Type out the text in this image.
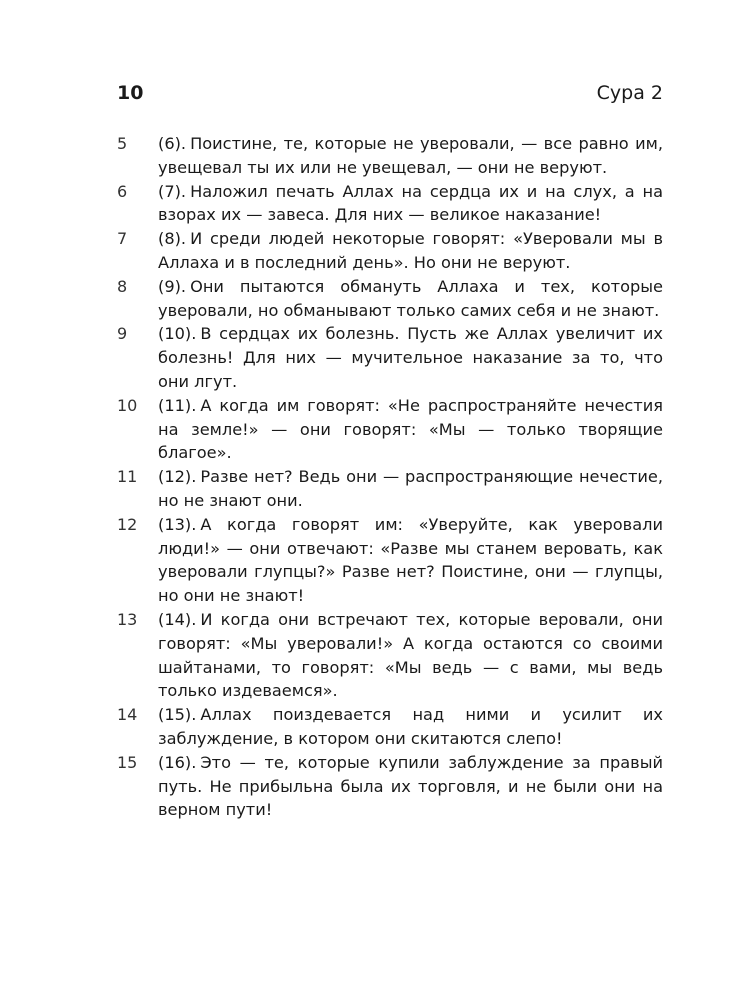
10	Сура 2
5	(6). Поистине, те, которые не уверовали, — все равно им, увещевал ты их или не увещевал, — они не веруют.
6	(7). Наложил печать Аллах на сердца их и на слух, а на взорах их — завеса. Для них — великое наказание!
7	(8). И среди людей некоторые говорят: «Уверовали мы в Аллаха и в последний день». Но они не веруют.
8	(9). Они пытаются обмануть Аллаха и тех, которые уверовали, но обманывают только самих себя и не знают.
9	(10). В сердцах их болезнь. Пусть же Аллах увеличит их болезнь! Для них — мучительное наказание за то, что они лгут.
10	(11). А когда им говорят: «Не распространяйте нечестия на земле!» — они говорят: «Мы — только творящие благое».
11	(12). Разве нет? Ведь они — распространяющие нечестие, но не знают они.
12	(13). А когда говорят им: «Уверуйте, как уверовали люди!» — они отвечают: «Разве мы станем веровать, как уверовали глупцы?» Разве нет? Поистине, они — глупцы, но они не знают!
13	(14). И когда они встречают тех, которые веровали, они говорят: «Мы уверовали!» А когда остаются со своими шайтанами, то говорят: «Мы ведь — с вами, мы ведь только издеваемся».
14	(15). Аллах поиздевается над ними и усилит их заблуждение, в котором они скитаются слепо!
15	(16). Это — те, которые купили заблуждение за правый путь. Не прибыльна была их торговля, и не были они на верном пути!
